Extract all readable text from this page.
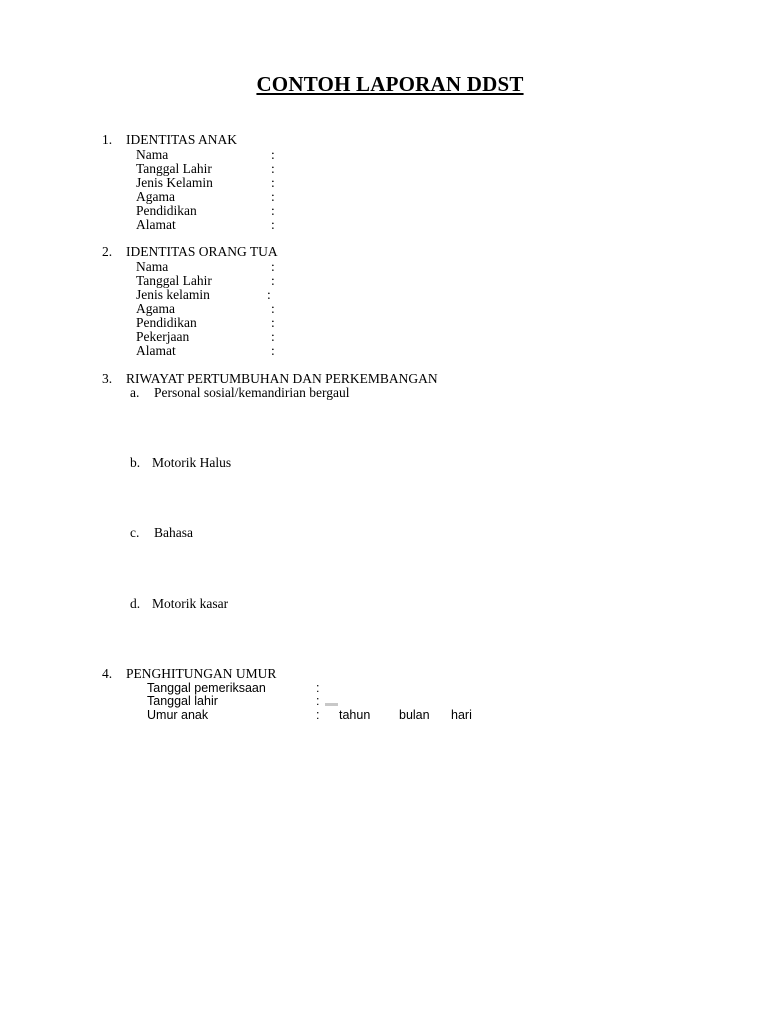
CONTOH LAPORAN DDST
1. IDENTITAS ANAK
Nama	:
Tanggal Lahir	:
Jenis Kelamin	:
Agama	:
Pendidikan	:
Alamat	:
2. IDENTITAS ORANG TUA
Nama	:
Tanggal Lahir	:
Jenis kelamin	:
Agama	:
Pendidikan	:
Pekerjaan	:
Alamat	:
3. RIWAYAT PERTUMBUHAN DAN PERKEMBANGAN
a. Personal sosial/kemandirian bergaul
b. Motorik Halus
c. Bahasa
d. Motorik kasar
4. PENGHITUNGAN UMUR
Tanggal pemeriksaan	:
Tanggal lahir	:
Umur anak	: tahun bulan hari
